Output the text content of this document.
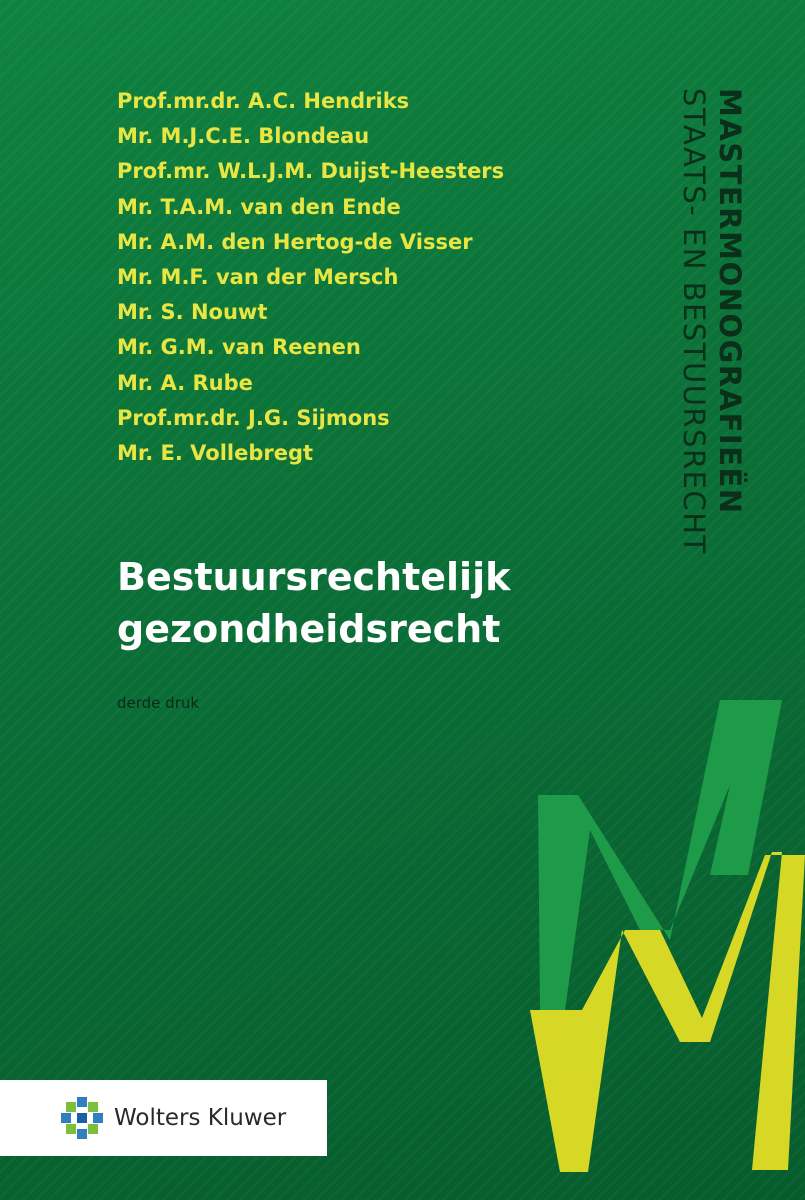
Prof.mr.dr. A.C. Hendriks
Mr. M.J.C.E. Blondeau
Prof.mr. W.L.J.M. Duijst-Heesters
Mr. T.A.M. van den Ende
Mr. A.M. den Hertog-de Visser
Mr. M.F. van der Mersch
Mr. S. Nouwt
Mr. G.M. van Reenen
Mr. A. Rube
Prof.mr.dr. J.G. Sijmons
Mr. E. Vollebregt
Bestuursrechtelijk
gezondheidsrecht
derde druk
MASTERMONOGRAFIEËN
STAATS- EN BESTUURSRECHT
Wolters Kluwer
